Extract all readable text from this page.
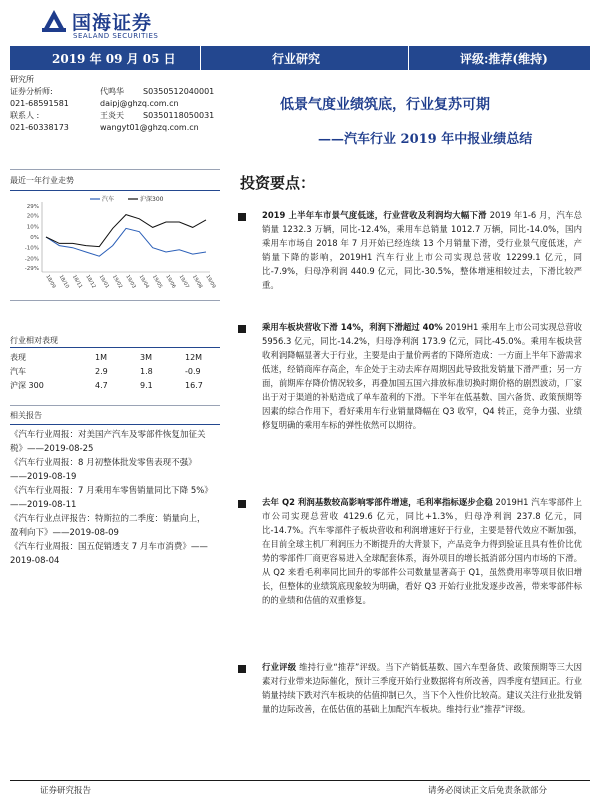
国海证券
SEALAND SECURITIES
2019 年 09 月 05 日	行业研究	评级:推荐(维持)
研究所
证券分析师:	代鸣华 S0350512040001
021-68591581	daipj@ghzq.com.cn
联系人 :	王炎天 S0350118050031
021-60338173	wangyt01@ghzq.com.cn
低景气度业绩筑底，行业复苏可期
——汽车行业 2019 年中报业绩总结
最近一年行业走势
29%
20%
10%
0%
-10%
-20%
-29%
18/09 18/10 18/11 18/12 19/01 19/02 19/03 19/04 19/05 19/06 19/07 19/08 19/09
汽车	沪深300
行业相对表现
表现	1M	3M	12M
汽车	2.9	1.8	-0.9
沪深 300	4.7	9.1	16.7
相关报告
《汽车行业周报：对美国产汽车及零部件恢复加征关税》——2019-08-25
《汽车行业周报：8 月初整体批发零售表现不强》——2019-08-19
《汽车行业周报：7 月乘用车零售销量同比下降 5%》——2019-08-11
《汽车行业点评报告：特斯拉的二季度：销量向上，盈利向下》——2019-08-09
《汽车行业周报：国五促销透支 7 月车市消费》——2019-08-04
投资要点：
2019 上半年车市景气度低迷，行业营收及利润均大幅下滑 2019 年1-6 月，汽车总销量 1232.3 万辆，同比-12.4%，乘用车总销量 1012.7 万辆，同比-14.0%，国内乘用车市场自 2018 年 7 月开始已经连续 13 个月销量下滑，受行业景气度低迷，产销量下降的影响，2019H1 汽车行业上市公司实现总营收 12299.1 亿元，同比-7.9%，归母净利润 440.9 亿元，同比-30.5%，整体增速相较过去，下滑比较严重。
乘用车板块营收下滑 14%，利润下滑超过 40% 2019H1 乘用车上市公司实现总营收 5956.3 亿元，同比-14.2%，归母净利润 173.9 亿元，同比-45.0%。乘用车板块营收利润降幅显著大于行业，主要是由于量价两者的下降所造成：一方面上半年下游需求低迷，经销商库存高企，车企处于主动去库存周期因此导致批发销量下滑严重；另一方面，前期库存降价情况较多，再叠加国五国六排放标准切换时期价格的剧烈波动，厂家出于对于渠道的补贴造成了单车盈利的下滑。下半年在低基数、国六备货、政策预期等因素的综合作用下，看好乘用车行业销量降幅在 Q3 收窄，Q4 转正，竞争力强、业绩修复明确的乘用车标的弹性依然可以期待。
去年 Q2 利润基数较高影响零部件增速，毛利率指标逐步企稳 2019H1 汽车零部件上市公司实现总营收 4129.6 亿元，同比+1.3%，归母净利润 237.8 亿元，同比-14.7%。汽车零部件子板块营收和利润增速好于行业，主要是替代效应不断加强，在目前全球主机厂利润压力不断提升的大背景下，产品竞争力得到验证且具有性价比优势的零部件厂商更容易进入全球配套体系，海外项目的增长抵消部分国内市场的下滑。从 Q2 来看毛利率同比回升的零部件公司数量显著高于 Q1，虽然费用率等项目依旧增长，但整体的业绩筑底现象较为明确，看好 Q3 开始行业批发逐步改善，带来零部件标的的业绩和估值的双重修复。
行业评级 维持行业“推荐”评级。当下产销低基数、国六车型备货、政策预期等三大因素对行业带来边际催化，预计三季度开始行业数据将有所改善，四季度有望回正。行业销量持续下跌对汽车板块的估值抑制已久，当下个入性价比较高。建议关注行业批发销量的边际改善，在低估值的基础上加配汽车板块。维持行业“推荐”评级。
证券研究报告	请务必阅读正文后免责条款部分
